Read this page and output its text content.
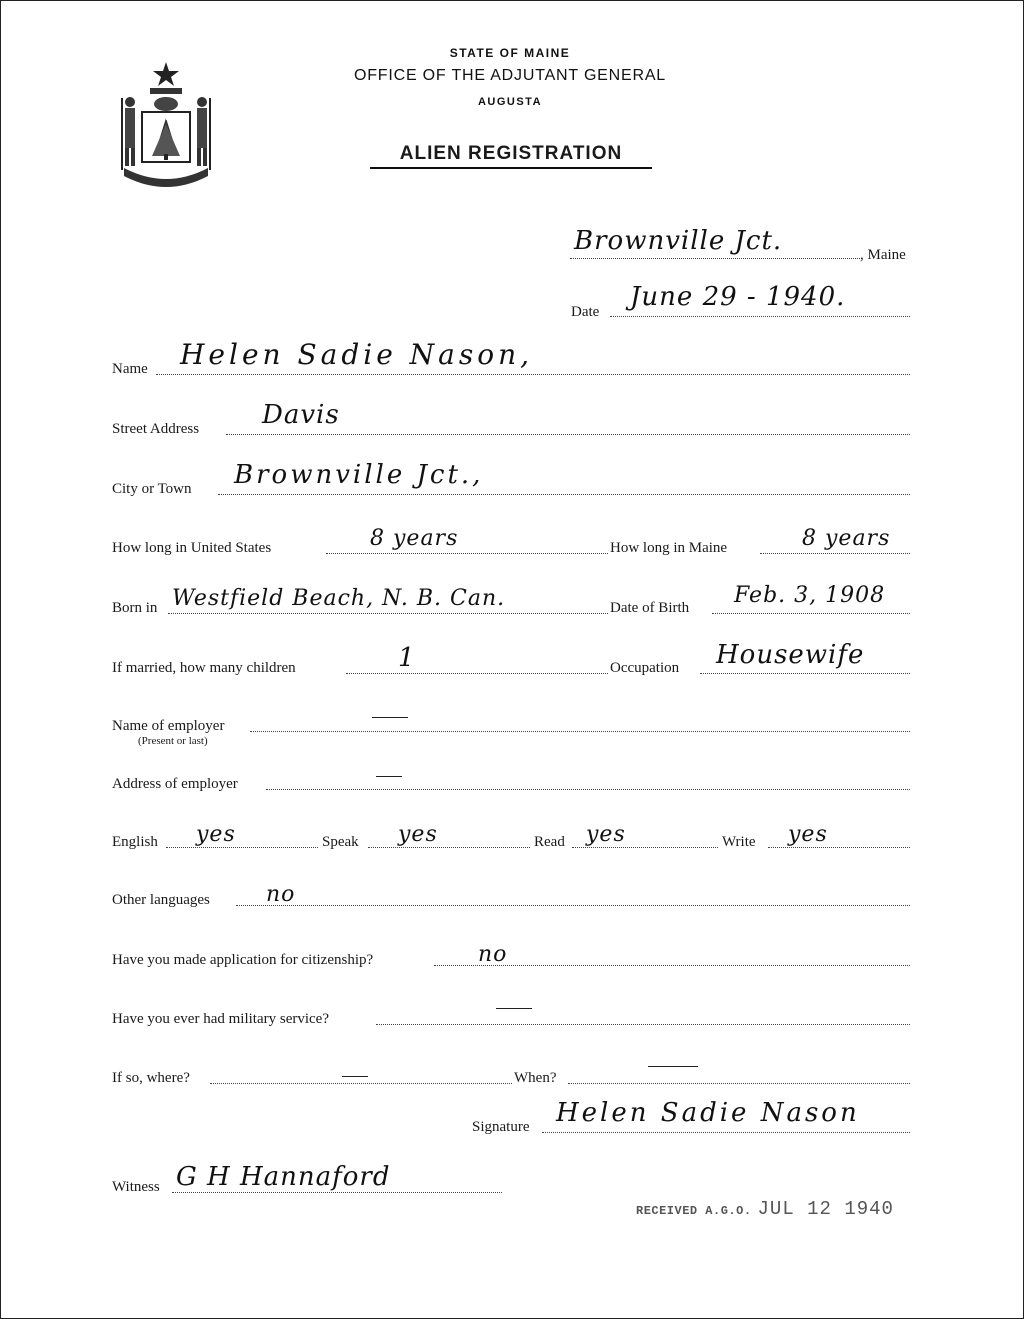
MAINE
STATE OF MAINE
OFFICE OF THE ADJUTANT GENERAL
AUGUSTA
ALIEN REGISTRATION
Brownville Jct.	, Maine
Date June 29 - 1940.
Name Helen Sadie Nason,
Street Address Davis
City or Town Brownville Jct.,
How long in United States	8 years	How long in Maine	8 years
Born in Westfield Beach, N. B. Can.	Date of Birth Feb. 3, 1908
If married, how many children	1	Occupation Housewife
Name of employer
(Present or last)
Address of employer
English yes	Speak yes	Read yes	Write yes
Other languages	no
Have you made application for citizenship?	no
Have you ever had military service?
If so, where?	When?
Signature Helen Sadie Nason
Witness G H Hannaford
RECEIVED A.G.O. JUL 12 1940
